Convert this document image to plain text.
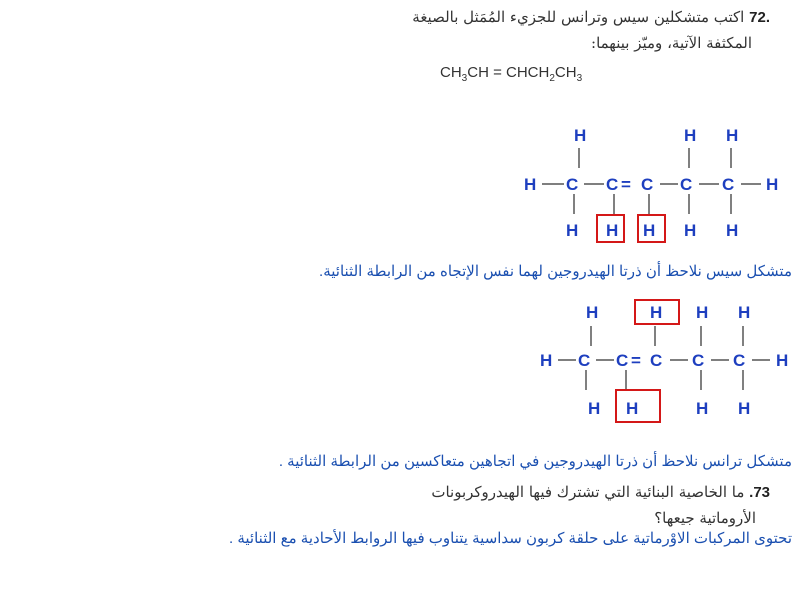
.72 اكتب متشكلين سيس وترانس للجزيء المُمَثل بالصيغة
المكثفة الآتية، وميّز بينهما:
$CH_3CH$ = $CHCH_2CH_3$
H	H H
H C C = C C C H
H H H H H
متشكل سيس نلاحظ أن ذرتا الهيدروجين لهما نفس الإتجاه من الرابطة الثنائية.
H	H H H
H C C = C C C H
H H	H H
متشكل ترانس نلاحظ أن ذرتا الهيدروجين في اتجاهين متعاكسين من الرابطة الثنائية .
73. ما الخاصية البنائية التي تشترك فيها الهيدروكربونات
الأروماتية جيعها؟
تحتوى المركبات الاوْرماتية على حلقة كربون سداسية يتناوب فيها الروابط الأحادية مع الثنائية .
